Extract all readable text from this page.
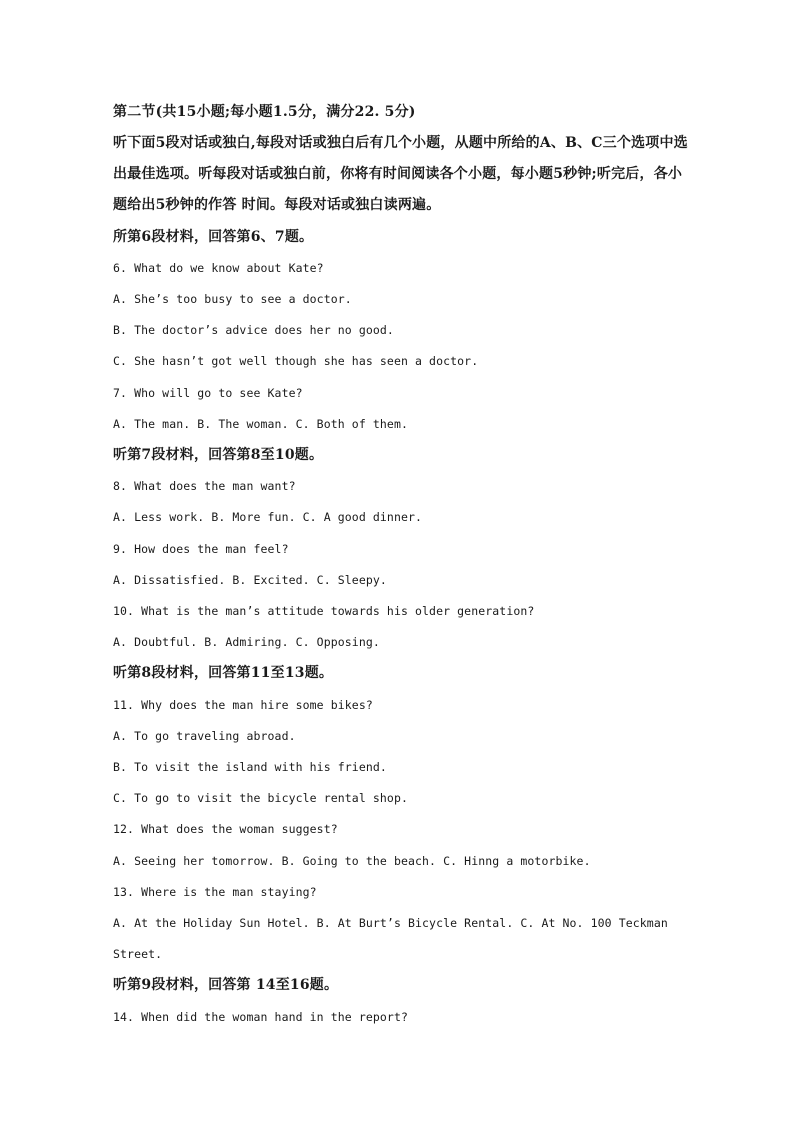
第二节(共15小题;每小题1.5分，满分22. 5分)
听下面5段对话或独白,每段对话或独白后有几个小题，从题中所给的A、B、C三个选项中选
出最佳选项。听每段对话或独白前，你将有时间阅读各个小题，每小题5秒钟;听完后，各小
题给出5秒钟的作答 时间。每段对话或独白读两遍。
所第6段材料，回答第6、7题。
6. What do we know about Kate?
A. She’s too busy to see a doctor.
B. The doctor’s advice does her no good.
C. She hasn’t got well though she has seen a doctor.
7. Who will go to see Kate?
A. The man. B. The woman. C. Both of them.
听第7段材料，回答第8至10题。
8. What does the man want?
A. Less work. B. More fun. C. A good dinner.
9. How does the man feel?
A. Dissatisfied. B. Excited. C. Sleepy.
10. What is the man’s attitude towards his older generation?
A. Doubtful. B. Admiring. C. Opposing.
听第8段材料，回答第11至13题。
11. Why does the man hire some bikes?
A. To go traveling abroad.
B. To visit the island with his friend.
C. To go to visit the bicycle rental shop.
12. What does the woman suggest?
A. Seeing her tomorrow. B. Going to the beach. C. Hinng a motorbike.
13. Where is the man staying?
A. At the Holiday Sun Hotel. B. At Burt’s Bicycle Rental. C. At No. 100 Teckman
Street.
听第9段材料，回答第 14至16题。
14. When did the woman hand in the report?
